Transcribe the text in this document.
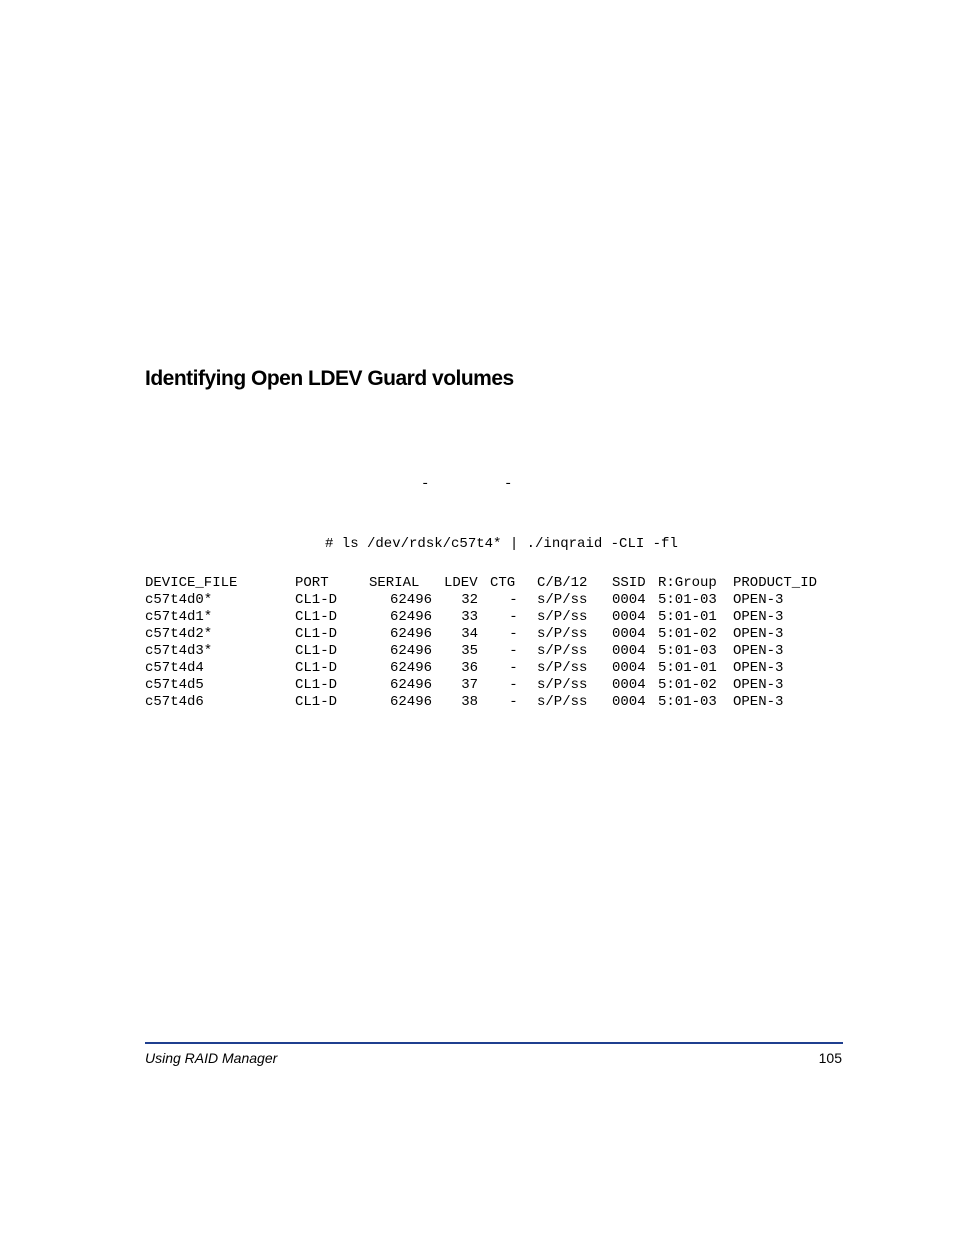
Identifying Open LDEV Guard volumes
-	-

# ls /dev/rdsk/c57t4* | ./inqraid -CLI -fl

DEVICE_FILE	PORT	SERIAL	LDEV	CTG	C/B/12	SSID	R:Group	PRODUCT_ID
c57t4d0*	CL1-D	62496	32	-	s/P/ss	0004	5:01-03	OPEN-3
c57t4d1*	CL1-D	62496	33	-	s/P/ss	0004	5:01-01	OPEN-3
c57t4d2*	CL1-D	62496	34	-	s/P/ss	0004	5:01-02	OPEN-3
c57t4d3*	CL1-D	62496	35	-	s/P/ss	0004	5:01-03	OPEN-3
c57t4d4	CL1-D	62496	36	-	s/P/ss	0004	5:01-01	OPEN-3
c57t4d5	CL1-D	62496	37	-	s/P/ss	0004	5:01-02	OPEN-3
c57t4d6	CL1-D	62496	38	-	s/P/ss	0004	5:01-03	OPEN-3
Using RAID Manager	105
